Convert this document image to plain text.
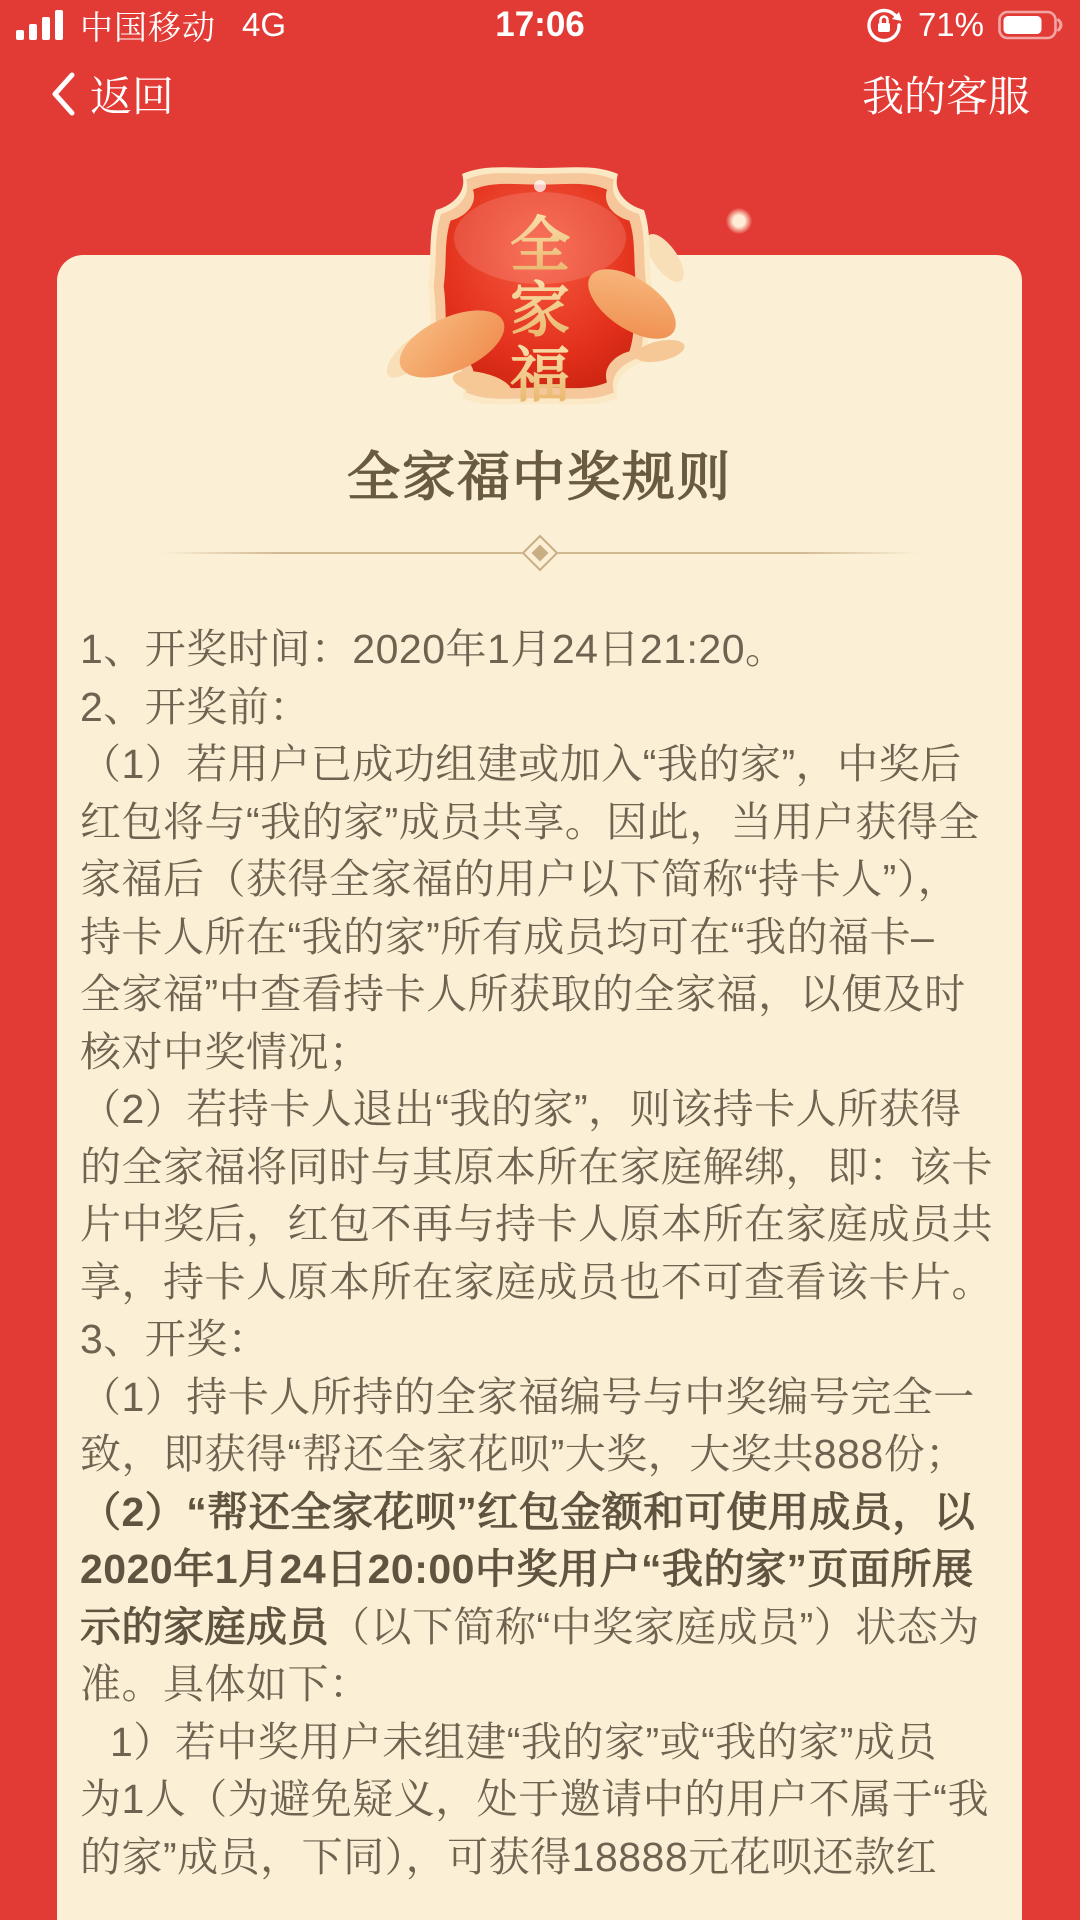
中国移动 4G	17:06	71%
返回	我的客服
全家福中奖规则
1、开奖时间：2020年1月24日21:20。
2、开奖前：
（1）若用户已成功组建或加入“我的家”，中奖后
红包将与“我的家”成员共享。因此，当用户获得全
家福后（获得全家福的用户以下简称“持卡人”），
持卡人所在“我的家”所有成员均可在“我的福卡–
全家福”中查看持卡人所获取的全家福，以便及时
核对中奖情况；
（2）若持卡人退出“我的家”，则该持卡人所获得
的全家福将同时与其原本所在家庭解绑，即：该卡
片中奖后，红包不再与持卡人原本所在家庭成员共
享，持卡人原本所在家庭成员也不可查看该卡片。
3、开奖：
（1）持卡人所持的全家福编号与中奖编号完全一
致，即获得“帮还全家花呗”大奖，大奖共888份；
（2）“帮还全家花呗”红包金额和可使用成员，以
2020年1月24日20:00中奖用户“我的家”页面所展
示的家庭成员（以下简称“中奖家庭成员”）状态为
准。具体如下：
1）若中奖用户未组建“我的家”或“我的家”成员
为1人（为避免疑义，处于邀请中的用户不属于“我
的家”成员，下同），可获得18888元花呗还款红
全
家
福
